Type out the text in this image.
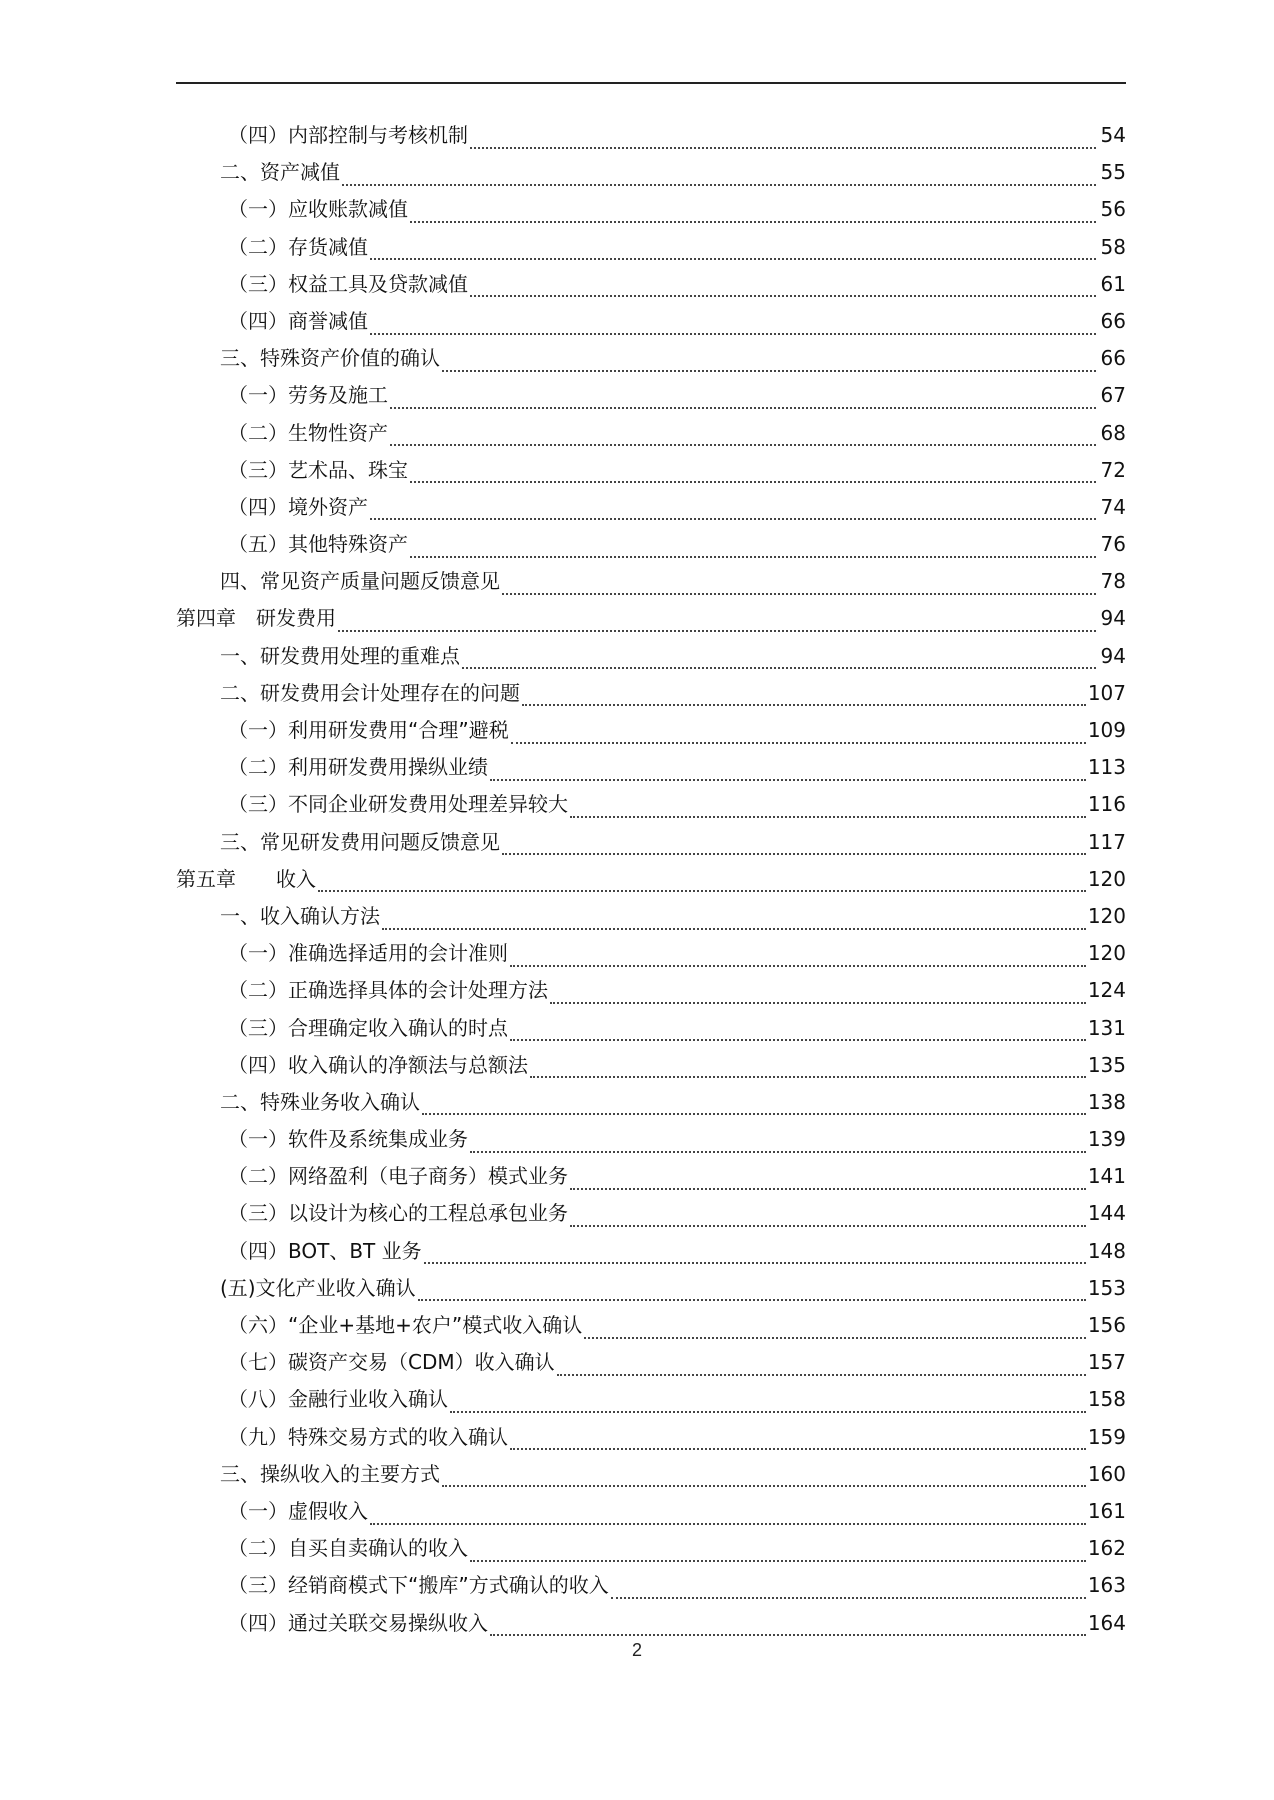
（四）内部控制与考核机制	54
二、资产减值	55
（一）应收账款减值	56
（二）存货减值	58
（三）权益工具及贷款减值	61
（四）商誉减值	66
三、特殊资产价值的确认	66
（一）劳务及施工	67
（二）生物性资产	68
（三）艺术品、珠宝	72
（四）境外资产	74
（五）其他特殊资产	76
四、常见资产质量问题反馈意见	78
第四章　研发费用	94
一、研发费用处理的重难点	94
二、研发费用会计处理存在的问题	107
（一）利用研发费用“合理”避税	109
（二）利用研发费用操纵业绩	113
（三）不同企业研发费用处理差异较大	116
三、常见研发费用问题反馈意见	117
第五章　　收入	120
一、收入确认方法	120
（一）准确选择适用的会计准则	120
（二）正确选择具体的会计处理方法	124
（三）合理确定收入确认的时点	131
（四）收入确认的净额法与总额法	135
二、特殊业务收入确认	138
（一）软件及系统集成业务	139
（二）网络盈利（电子商务）模式业务	141
（三）以设计为核心的工程总承包业务	144
（四）BOT、BT 业务	148
(五)文化产业收入确认	153
（六）“企业+基地+农户”模式收入确认	156
（七）碳资产交易（CDM）收入确认	157
（八）金融行业收入确认	158
（九）特殊交易方式的收入确认	159
三、操纵收入的主要方式	160
（一）虚假收入	161
（二）自买自卖确认的收入	162
（三）经销商模式下“搬库”方式确认的收入	163
（四）通过关联交易操纵收入	164
2
